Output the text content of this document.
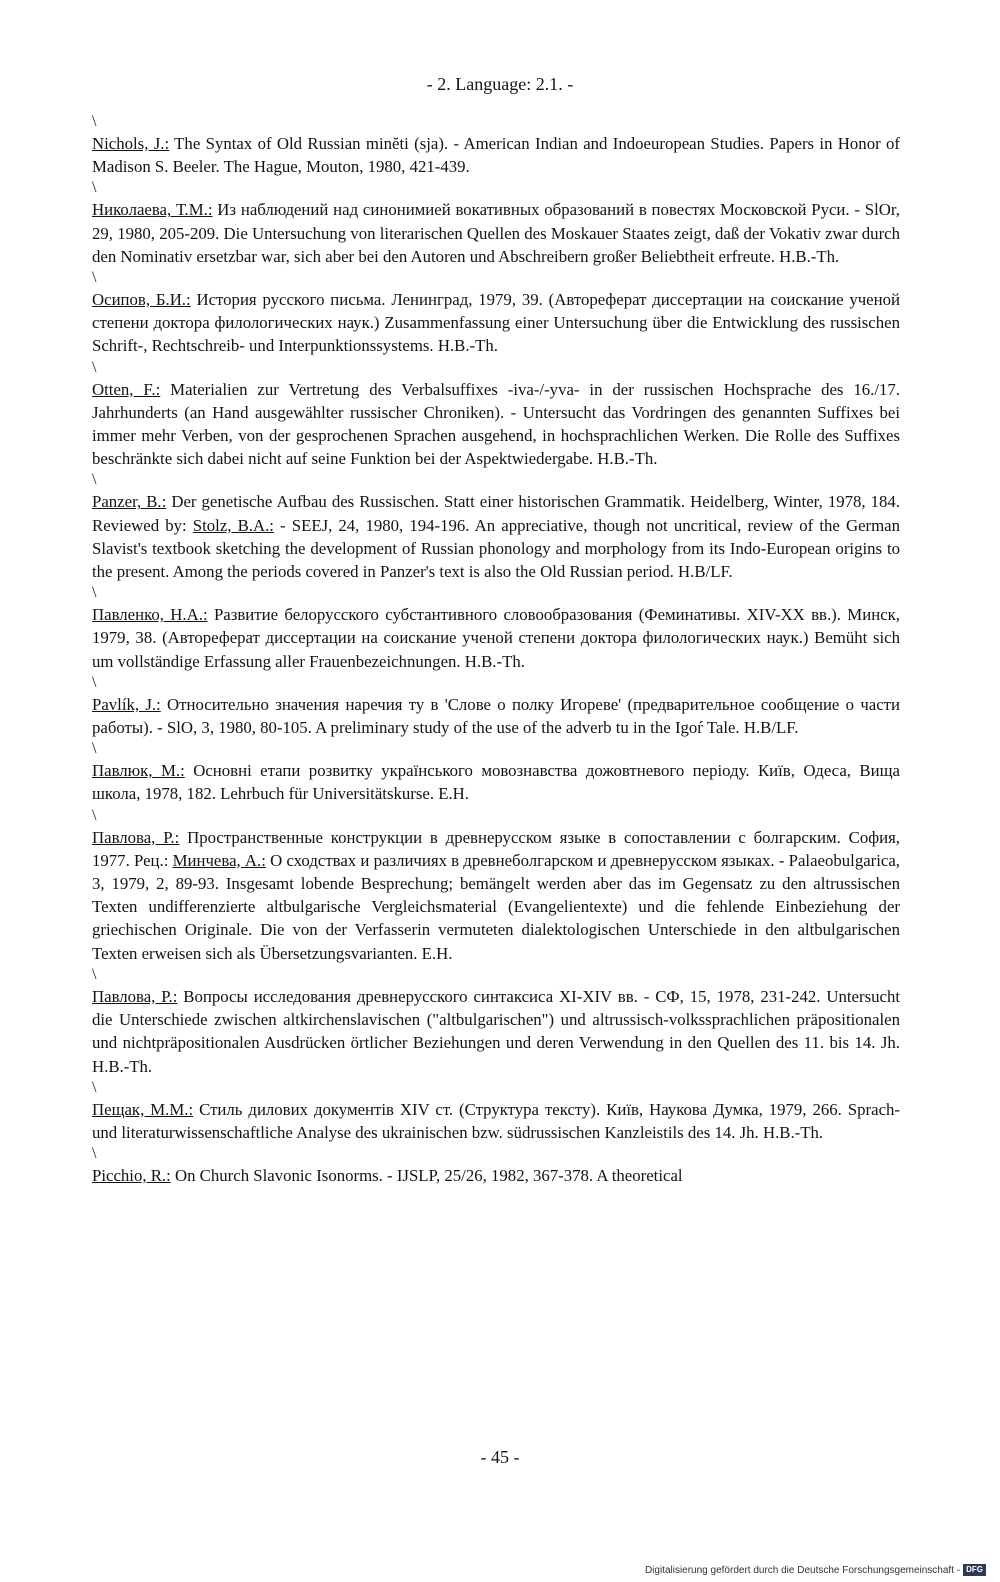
- 2. Language: 2.1. -
\

Nichols, J.: The Syntax of Old Russian minĕti (sja). - American Indian and Indoeuropean Studies. Papers in Honor of Madison S. Beeler. The Hague, Mouton, 1980, 421-439.

\

Николаева, Т.М.: Из наблюдений над синонимией вокативных образований в повестях Московской Руси. - SlOr, 29, 1980, 205-209. Die Untersuchung von literarischen Quellen des Moskauer Staates zeigt, daß der Vokativ zwar durch den Nominativ ersetzbar war, sich aber bei den Autoren und Abschreibern großer Beliebtheit erfreute. H.B.-Th.

\

Осипов, Б.И.: История русского письма. Ленинград, 1979, 39. (Автореферат диссертации на соискание ученой степени доктора филологических наук.) Zusammenfassung einer Untersuchung über die Entwicklung des russischen Schrift-, Rechtschreib- und Interpunktionssystems. H.B.-Th.

\

Otten, F.: Materialien zur Vertretung des Verbalsuffixes -iva-/-yva- in der russischen Hochsprache des 16./17. Jahrhunderts (an Hand ausgewählter russischer Chroniken). - Untersucht das Vordringen des genannten Suffixes bei immer mehr Verben, von der gesprochenen Sprachen ausgehend, in hochsprachlichen Werken. Die Rolle des Suffixes beschränkte sich dabei nicht auf seine Funktion bei der Aspektwiedergabe. H.B.-Th.

\

Panzer, B.: Der genetische Aufbau des Russischen. Statt einer historischen Grammatik. Heidelberg, Winter, 1978, 184. Reviewed by: Stolz, B.A.: - SEEJ, 24, 1980, 194-196. An appreciative, though not uncritical, review of the German Slavist's textbook sketching the development of Russian phonology and morphology from its Indo-European origins to the present. Among the periods covered in Panzer's text is also the Old Russian period. H.B/LF.

\

Павленко, Н.А.: Развитие белорусского субстантивного словообразования (Феминативы. XIV-XX вв.). Минск, 1979, 38. (Автореферат диссертации на соискание ученой степени доктора филологических наук.) Bemüht sich um vollständige Erfassung aller Frauenbezeichnungen. H.B.-Th.

\

Pavlík, J.: Относительно значения наречия ту в 'Слове о полку Игореве' (предварительное сообщение о части работы). - SlO, 3, 1980, 80-105. A preliminary study of the use of the adverb tu in the Igoŕ Tale. H.B/LF.

\

Павлюк, М.: Основні етапи розвитку українського мовознавства дожовтневого періоду. Київ, Одеса, Вища школа, 1978, 182. Lehrbuch für Universitätskurse. E.H.

\

Павлова, Р.: Пространственные конструкции в древнерусском языке в сопоставлении с болгарским. София, 1977. Рец.: Минчева, А.: О сходствах и различиях в древнеболгарском и древнерусском языках. - Palaeobulgarica, 3, 1979, 2, 89-93. Insgesamt lobende Besprechung; bemängelt werden aber das im Gegensatz zu den altrussischen Texten undifferenzierte altbulgarische Vergleichsmaterial (Evangelientexte) und die fehlende Einbeziehung der griechischen Originale. Die von der Verfasserin vermuteten dialektologischen Unterschiede in den altbulgarischen Texten erweisen sich als Übersetzungsvarianten. E.H.

\

Павлова, Р.: Вопросы исследования древнерусского синтаксиса XI-XIV вв. - СФ, 15, 1978, 231-242. Untersucht die Unterschiede zwischen altkirchenslavischen ("altbulgarischen") und altrussisch-volkssprachlichen präpositionalen und nichtpräpositionalen Ausdrücken örtlicher Beziehungen und deren Verwendung in den Quellen des 11. bis 14. Jh. H.B.-Th.

\

Пещак, М.М.: Стиль дилових документів XIV ст. (Структура тексту). Київ, Наукова Думка, 1979, 266. Sprach- und literaturwissenschaftliche Analyse des ukrainischen bzw. südrussischen Kanzleistils des 14. Jh. H.B.-Th.

\

Picchio, R.: On Church Slavonic Isonorms. - IJSLP, 25/26, 1982, 367-378. A theoretical

- 45 -
Digitalisierung gefördert durch die Deutsche Forschungsgemeinschaft - DFG
